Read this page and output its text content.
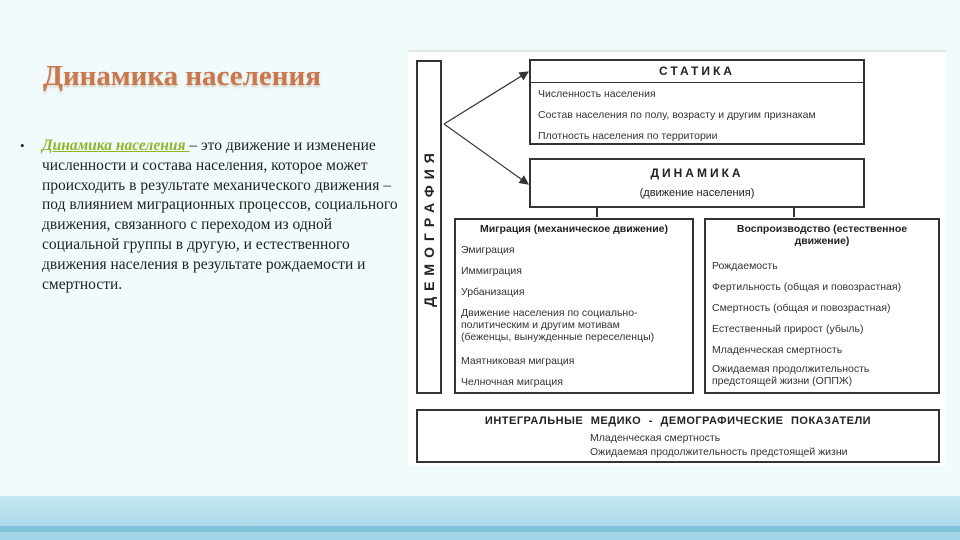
Динамика населения
• Динамика населения – это движение и изменение численности и состава населения, которое может происходить в результате механического движения – под влиянием миграционных процессов, социального движения, связанного с переходом из одной социальной группы в другую, и естественного движения населения в результате рождаемости и смертности.	ДЕМОГРАФИЯ
СТАТИКА
Численность населения
Состав населения по полу, возрасту и другим признакам
Плотность населения по территории
ДИНАМИКА
(движение населения)
Миграция (механическое движение)
Эмиграция
Иммиграция
Урбанизация
Движение населения по социально-политическим и другим мотивам (беженцы, вынужденные переселенцы)
Маятниковая миграция
Челночная миграция
Воспроизводство (естественное движение)
Рождаемость
Фертильность (общая и повозрастная)
Смертность (общая и повозрастная)
Естественный прирост (убыль)
Младенческая смертность
Ожидаемая продолжительность предстоящей жизни (ОППЖ)
ИНТЕГРАЛЬНЫЕ МЕДИКО - ДЕМОГРАФИЧЕСКИЕ ПОКАЗАТЕЛИ
Младенческая смертность
Ожидаемая продолжительность предстоящей жизни
